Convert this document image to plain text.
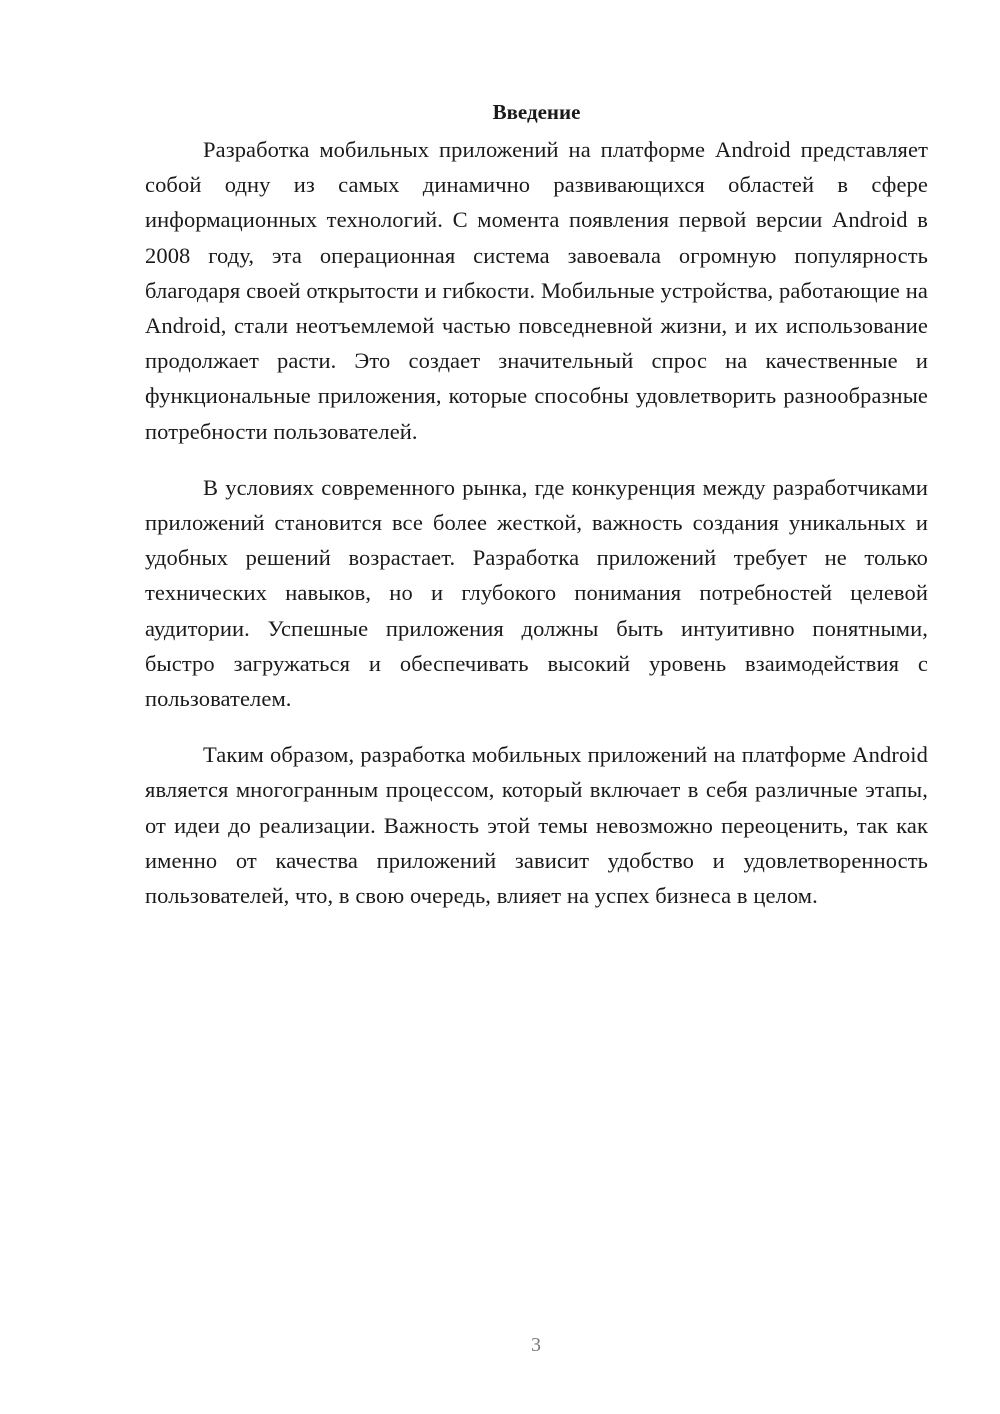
Введение

Разработка мобильных приложений на платформе Android представляет собой одну из самых динамично развивающихся областей в сфере информационных технологий. С момента появления первой версии Android в 2008 году, эта операционная система завоевала огромную популярность благодаря своей открытости и гибкости. Мобильные устройства, работающие на Android, стали неотъемлемой частью повседневной жизни, и их использование продолжает расти. Это создает значительный спрос на качественные и функциональные приложения, которые способны удовлетворить разнообразные потребности пользователей.

В условиях современного рынка, где конкуренция между разработчиками приложений становится все более жесткой, важность создания уникальных и удобных решений возрастает. Разработка приложений требует не только технических навыков, но и глубокого понимания потребностей целевой аудитории. Успешные приложения должны быть интуитивно понятными, быстро загружаться и обеспечивать высокий уровень взаимодействия с пользователем.

Таким образом, разработка мобильных приложений на платформе Android является многогранным процессом, который включает в себя различные этапы, от идеи до реализации. Важность этой темы невозможно переоценить, так как именно от качества приложений зависит удобство и удовлетворенность пользователей, что, в свою очередь, влияет на успех бизнеса в целом.

3
